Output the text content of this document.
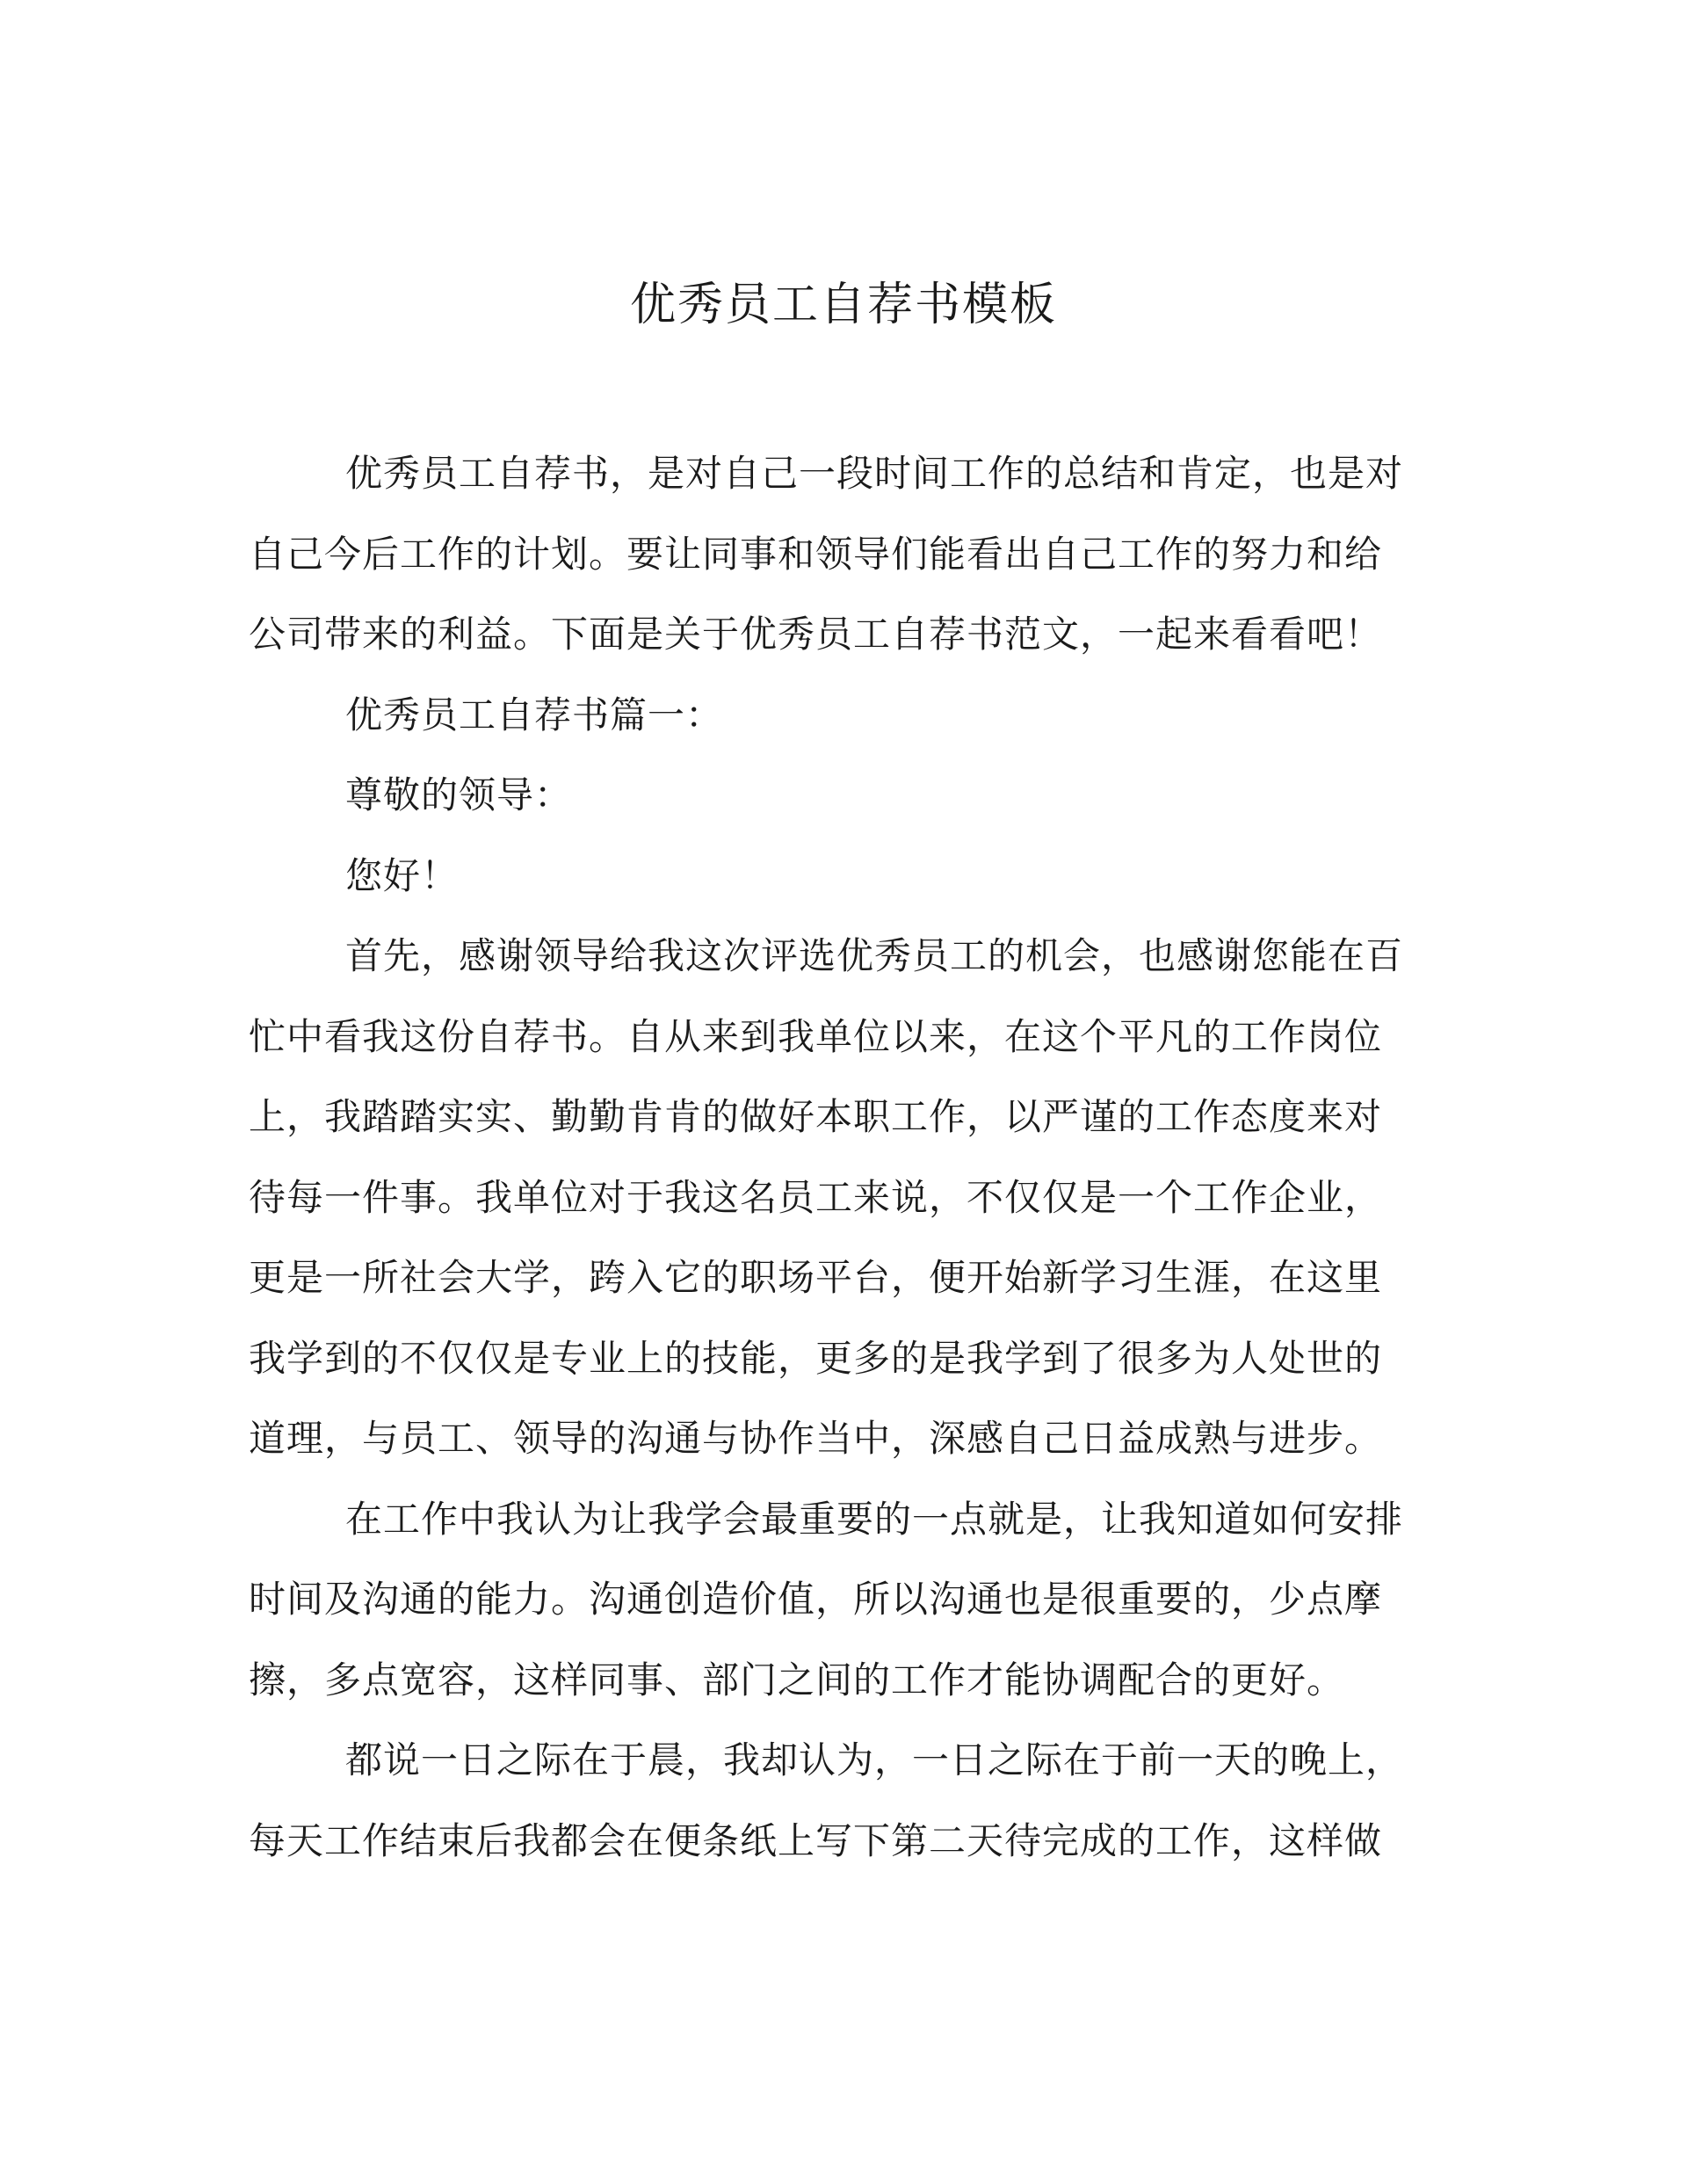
优秀员工自荐书模板

优秀员工自荐书，是对自己一段时间工作的总结和肯定，也是对
自己今后工作的计划。要让同事和领导们能看出自己工作的努力和给
公司带来的利益。下面是关于优秀员工自荐书范文，一起来看看吧！

优秀员工自荐书篇一：

尊敬的领导：

您好！

首先，感谢领导给我这次评选优秀员工的机会，也感谢您能在百
忙中看我这份自荐书。自从来到我单位以来，在这个平凡的工作岗位
上，我踏踏实实、勤勤肯肯的做好本职工作，以严谨的工作态度来对
待每一件事。我单位对于我这名员工来说，不仅仅是一个工作企业，
更是一所社会大学，跨入它的职场平台，便开始新学习生涯，在这里
我学到的不仅仅是专业上的技能，更多的是我学到了很多为人处世的
道理，与员工、领导的沟通与协作当中，深感自己日益成熟与进步。

在工作中我认为让我学会最重要的一点就是，让我知道如何安排
时间及沟通的能力。沟通创造价值，所以沟通也是很重要的，少点摩
擦，多点宽容，这样同事、部门之间的工作才能协调配合的更好。

都说一日之际在于晨，我却认为，一日之际在于前一天的晚上，
每天工作结束后我都会在便条纸上写下第二天待完成的工作，这样做
